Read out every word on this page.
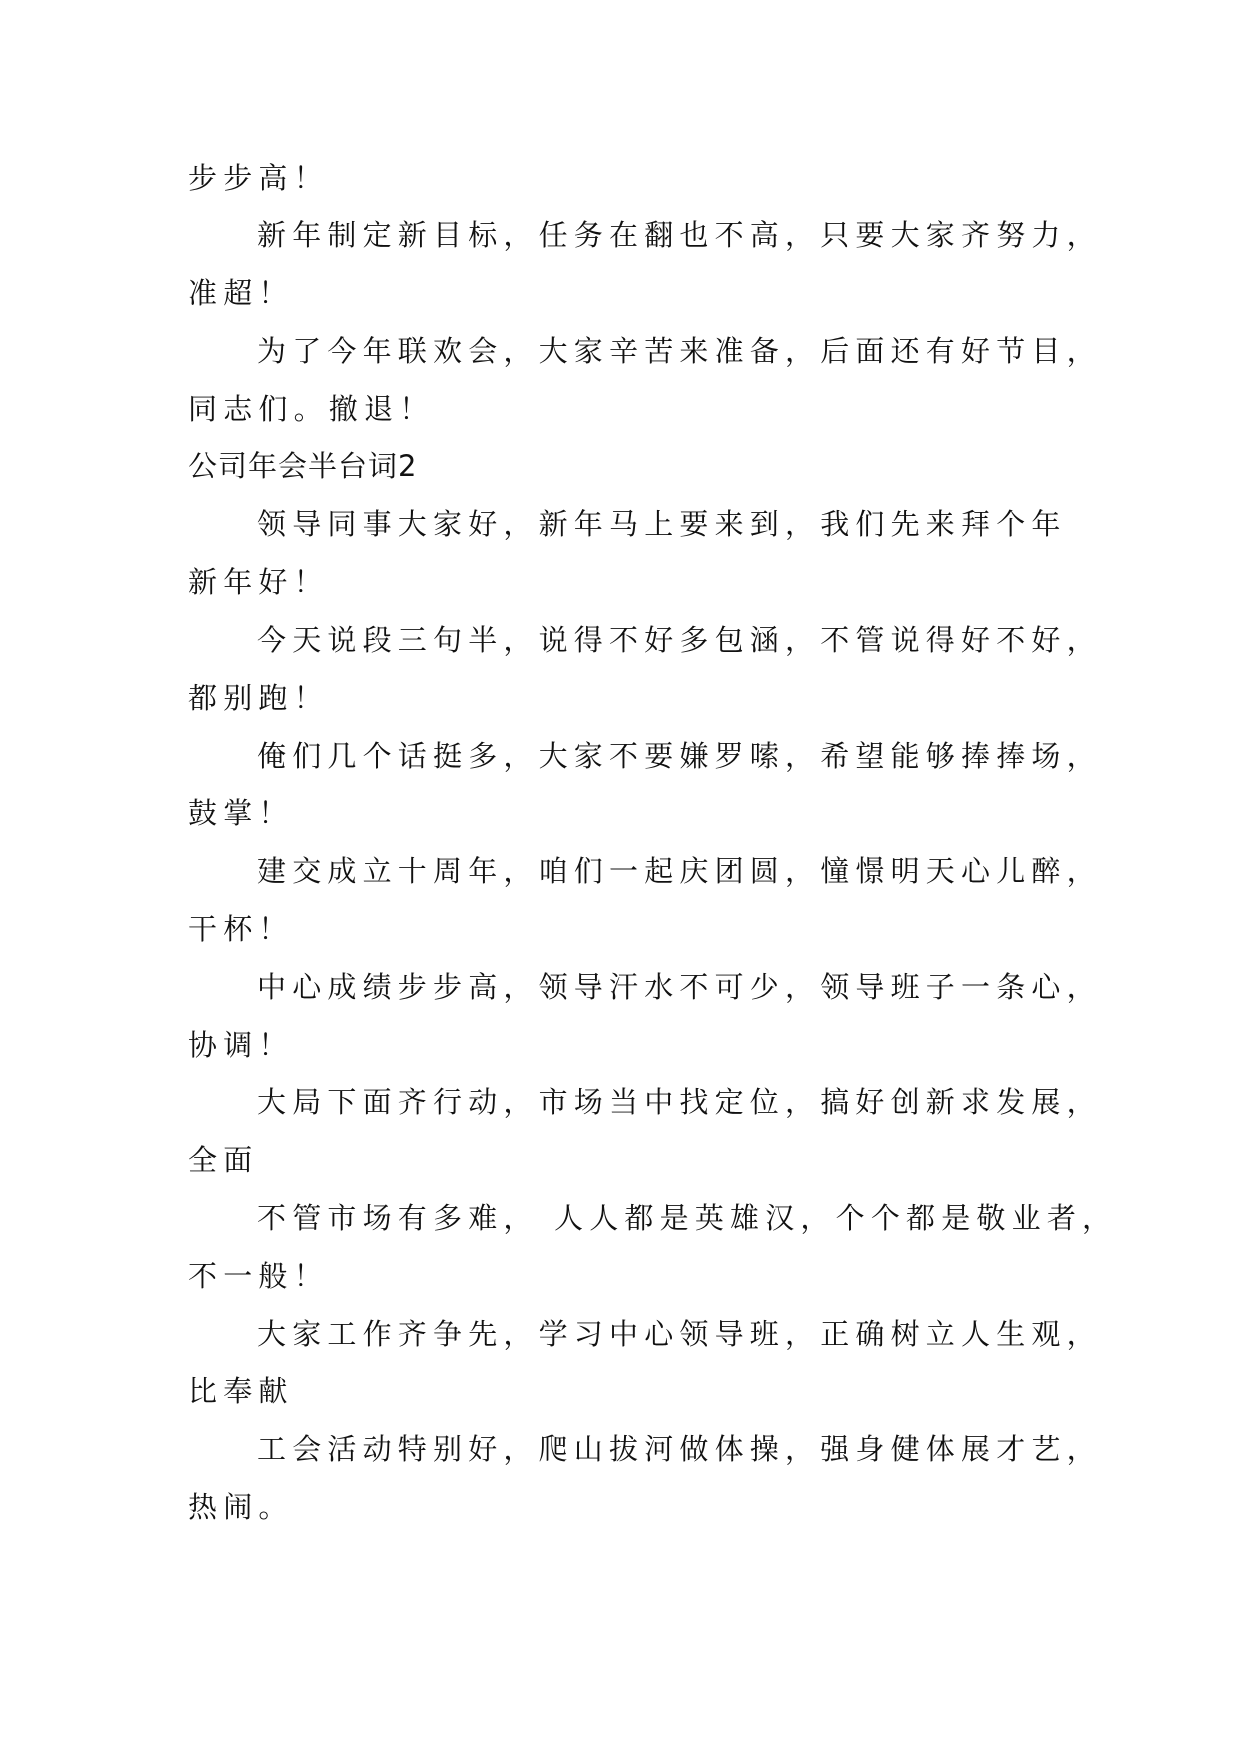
步步高！
新年制定新目标，任务在翻也不高，只要大家齐努力，
准超！
为了今年联欢会，大家辛苦来准备，后面还有好节目，
同志们。撤退！
公司年会半台词2
领导同事大家好，新年马上要来到，我们先来拜个年
新年好！
今天说段三句半，说得不好多包涵，不管说得好不好，
都别跑！
俺们几个话挺多，大家不要嫌罗嗦，希望能够捧捧场，
鼓掌！
建交成立十周年，咱们一起庆团圆，憧憬明天心儿醉，
干杯！
中心成绩步步高，领导汗水不可少，领导班子一条心，
协调！
大局下面齐行动，市场当中找定位，搞好创新求发展，
全面
不管市场有多难， 人人都是英雄汉，个个都是敬业者，
不一般！
大家工作齐争先，学习中心领导班，正确树立人生观，
比奉献
工会活动特别好，爬山拔河做体操，强身健体展才艺，
热闹。
